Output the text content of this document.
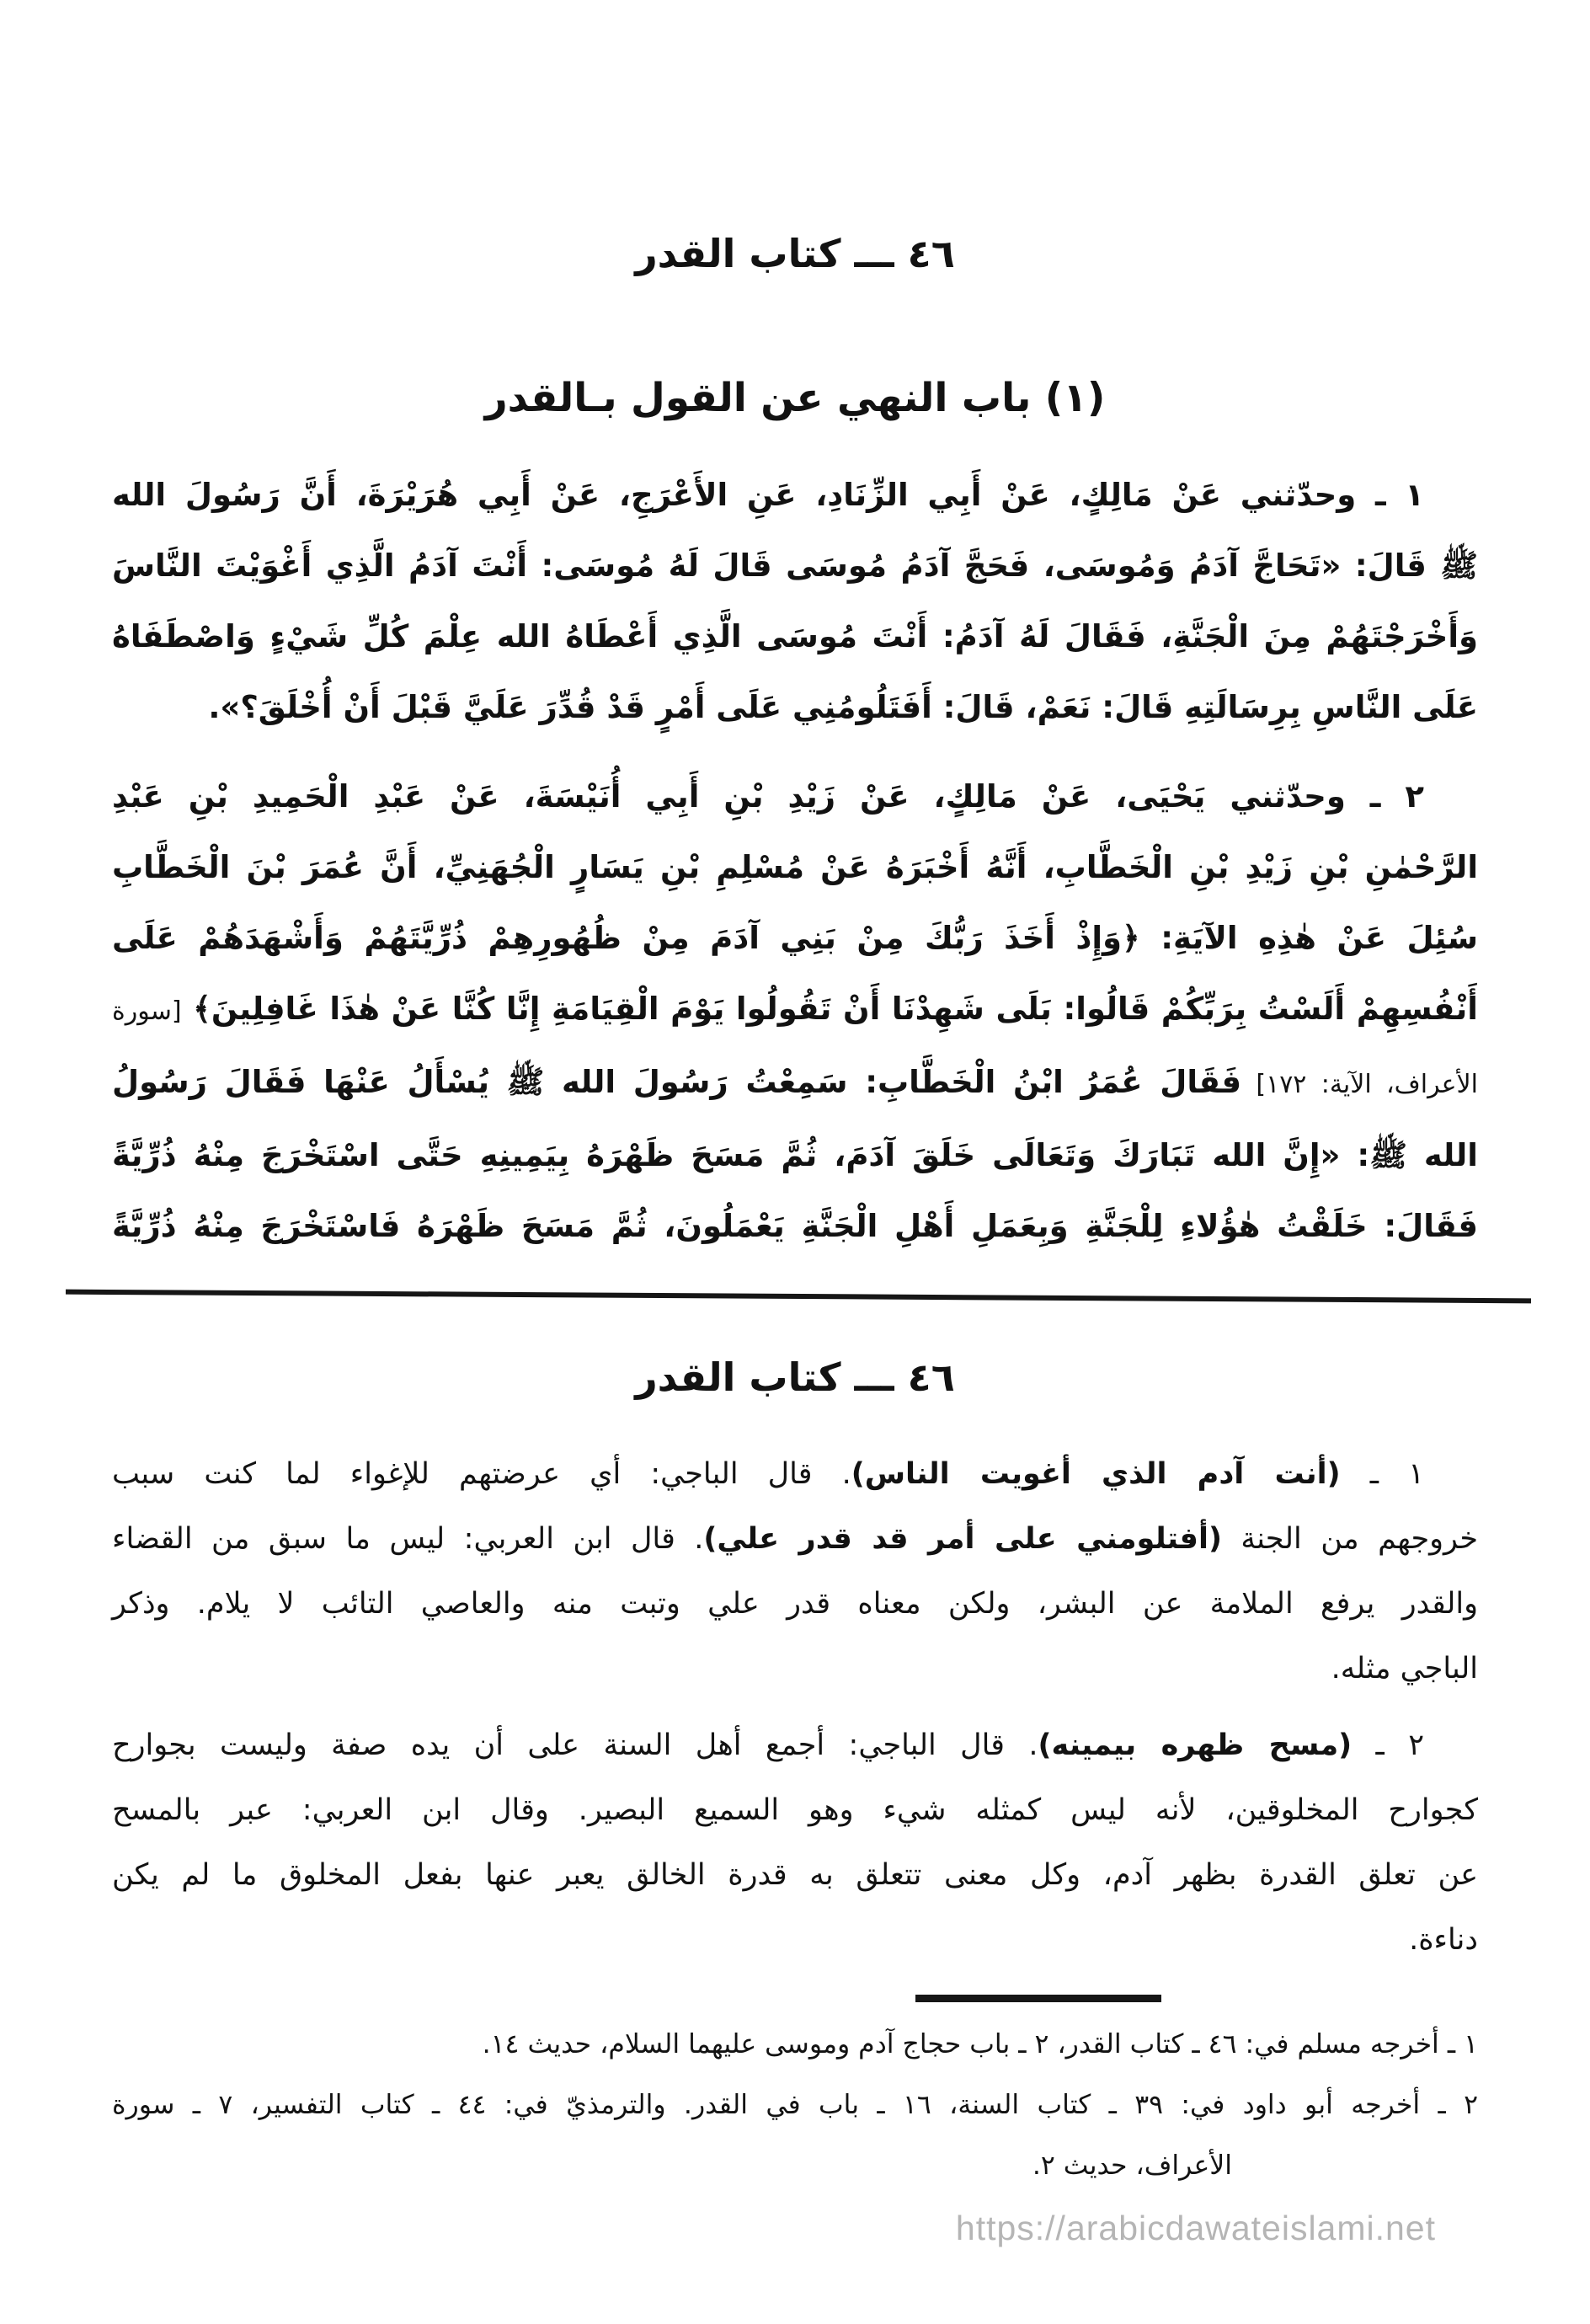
٤٦ ـــ كتاب القدر
(١) باب النهي عن القول بـالقدر
١ ـ وحدّثني عَنْ مَالِكٍ، عَنْ أَبِي الزِّنَادِ، عَنِ الأَعْرَجِ، عَنْ أَبِي هُرَيْرَةَ، أَنَّ رَسُولَ الله
ﷺ قَالَ: «تَحَاجَّ آدَمُ وَمُوسَى، فَحَجَّ آدَمُ مُوسَى قَالَ لَهُ مُوسَى: أَنْتَ آدَمُ الَّذِي أَغْوَيْتَ النَّاسَ
وَأَخْرَجْتَهُمْ مِنَ الْجَنَّةِ، فَقَالَ لَهُ آدَمُ: أَنْتَ مُوسَى الَّذِي أَعْطَاهُ الله عِلْمَ كُلِّ شَيْءٍ وَاصْطَفَاهُ
عَلَى النَّاسِ بِرِسَالَتِهِ قَالَ: نَعَمْ، قَالَ: أَفَتَلُومُنِي عَلَى أَمْرٍ قَدْ قُدِّرَ عَلَيَّ قَبْلَ أَنْ أُخْلَقَ؟».
٢ ـ وحدّثني يَحْيَى، عَنْ مَالِكٍ، عَنْ زَيْدِ بْنِ أَبِي أُنَيْسَةَ، عَنْ عَبْدِ الْحَمِيدِ بْنِ عَبْدِ
الرَّحْمٰنِ بْنِ زَيْدِ بْنِ الْخَطَّابِ، أَنَّهُ أَخْبَرَهُ عَنْ مُسْلِمِ بْنِ يَسَارٍ الْجُهَنِيِّ، أَنَّ عُمَرَ بْنَ الْخَطَّابِ
سُئِلَ عَنْ هٰذِهِ الآيَةِ: ﴿وَإِذْ أَخَذَ رَبُّكَ مِنْ بَنِي آدَمَ مِنْ ظُهُورِهِمْ ذُرِّيَّتَهُمْ وَأَشْهَدَهُمْ عَلَى
أَنْفُسِهِمْ أَلَسْتُ بِرَبِّكُمْ قَالُوا: بَلَى شَهِدْنَا أَنْ تَقُولُوا يَوْمَ الْقِيَامَةِ إِنَّا كُنَّا عَنْ هٰذَا غَافِلِينَ﴾ [سورة
الأعراف، الآية: ١٧٢] فَقَالَ عُمَرُ ابْنُ الْخَطَّابِ: سَمِعْتُ رَسُولَ الله ﷺ يُسْأَلُ عَنْهَا فَقَالَ رَسُولُ
الله ﷺ: «إِنَّ الله تَبَارَكَ وَتَعَالَى خَلَقَ آدَمَ، ثُمَّ مَسَحَ ظَهْرَهُ بِيَمِينِهِ حَتَّى اسْتَخْرَجَ مِنْهُ ذُرِّيَّةً
فَقَالَ: خَلَقْتُ هٰؤُلاءِ لِلْجَنَّةِ وَبِعَمَلِ أَهْلِ الْجَنَّةِ يَعْمَلُونَ، ثُمَّ مَسَحَ ظَهْرَهُ فَاسْتَخْرَجَ مِنْهُ ذُرِّيَّةً
٤٦ ـــ كتاب القدر
١ ـ (أنت آدم الذي أغويت الناس). قال الباجي: أي عرضتهم للإغواء لما كنت سبب
خروجهم من الجنة (أفتلومني على أمر قد قدر علي). قال ابن العربي: ليس ما سبق من القضاء
والقدر يرفع الملامة عن البشر، ولكن معناه قدر علي وتبت منه والعاصي التائب لا يلام. وذكر
الباجي مثله.
٢ ـ (مسح ظهره بيمينه). قال الباجي: أجمع أهل السنة على أن يده صفة وليست بجوارح
كجوارح المخلوقين، لأنه ليس كمثله شيء وهو السميع البصير. وقال ابن العربي: عبر بالمسح
عن تعلق القدرة بظهر آدم، وكل معنى تتعلق به قدرة الخالق يعبر عنها بفعل المخلوق ما لم يكن
دناءة.
١ ـ أخرجه مسلم في: ٤٦ ـ كتاب القدر، ٢ ـ باب حجاج آدم وموسى عليهما السلام، حديث ١٤.
٢ ـ أخرجه أبو داود في: ٣٩ ـ كتاب السنة، ١٦ ـ باب في القدر. والترمذيّ في: ٤٤ ـ كتاب التفسير، ٧ ـ سورة
الأعراف، حديث ٢.
https://arabicdawateislami.net
